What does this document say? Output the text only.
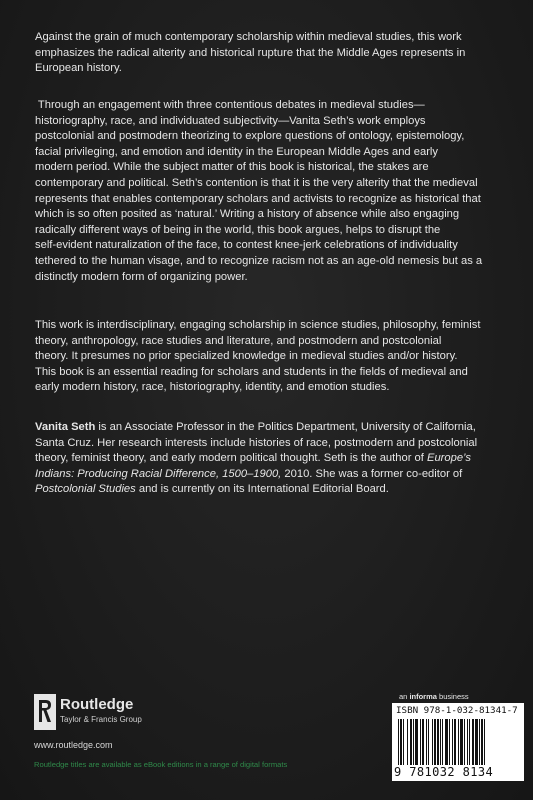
Against the grain of much contemporary scholarship within medieval studies, this work
emphasizes the radical alterity and historical rupture that the Middle Ages represents in
European history.
Through an engagement with three contentious debates in medieval studies—
historiography, race, and individuated subjectivity—Vanita Seth’s work employs
postcolonial and postmodern theorizing to explore questions of ontology, epistemology,
facial privileging, and emotion and identity in the European Middle Ages and early
modern period. While the subject matter of this book is historical, the stakes are
contemporary and political. Seth’s contention is that it is the very alterity that the medieval
represents that enables contemporary scholars and activists to recognize as historical that
which is so often posited as ‘natural.’ Writing a history of absence while also engaging
radically different ways of being in the world, this book argues, helps to disrupt the
self-evident naturalization of the face, to contest knee-jerk celebrations of individuality
tethered to the human visage, and to recognize racism not as an age-old nemesis but as a
distinctly modern form of organizing power.
This work is interdisciplinary, engaging scholarship in science studies, philosophy, feminist
theory, anthropology, race studies and literature, and postmodern and postcolonial
theory. It presumes no prior specialized knowledge in medieval studies and/or history.
This book is an essential reading for scholars and students in the fields of medieval and
early modern history, race, historiography, identity, and emotion studies.
Vanita Seth is an Associate Professor in the Politics Department, University of California,
Santa Cruz. Her research interests include histories of race, postmodern and postcolonial
theory, feminist theory, and early modern political thought. Seth is the author of Europe’s
Indians: Producing Racial Difference, 1500–1900, 2010. She was a former co-editor of
Postcolonial Studies and is currently on its International Editorial Board.
Routledge
Taylor & Francis Group
www.routledge.com
Routledge titles are available as eBook editions in a range of digital formats
an informa business
ISBN 978-1-032-81341-7
9 781032 8134
